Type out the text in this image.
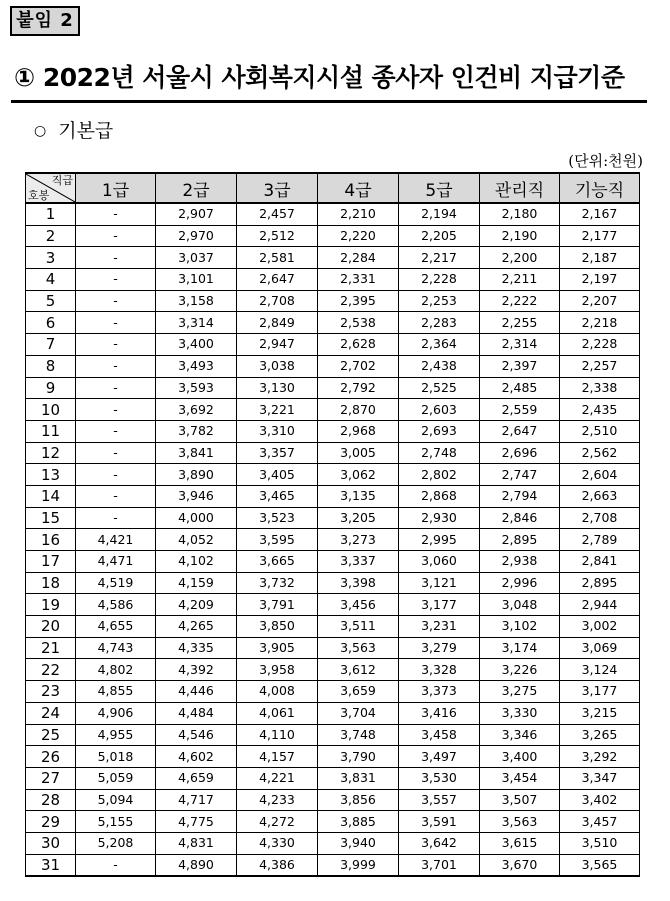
붙임 2
① 2022년 서울시 사회복지시설 종사자 인건비 지급기준
○ 기본급
(단위:천원)
직급
호봉	1급	2급	3급	4급	5급	관리직	기능직
1	-	2,907	2,457	2,210	2,194	2,180	2,167
2	-	2,970	2,512	2,220	2,205	2,190	2,177
3	-	3,037	2,581	2,284	2,217	2,200	2,187
4	-	3,101	2,647	2,331	2,228	2,211	2,197
5	-	3,158	2,708	2,395	2,253	2,222	2,207
6	-	3,314	2,849	2,538	2,283	2,255	2,218
7	-	3,400	2,947	2,628	2,364	2,314	2,228
8	-	3,493	3,038	2,702	2,438	2,397	2,257
9	-	3,593	3,130	2,792	2,525	2,485	2,338
10	-	3,692	3,221	2,870	2,603	2,559	2,435
11	-	3,782	3,310	2,968	2,693	2,647	2,510
12	-	3,841	3,357	3,005	2,748	2,696	2,562
13	-	3,890	3,405	3,062	2,802	2,747	2,604
14	-	3,946	3,465	3,135	2,868	2,794	2,663
15	-	4,000	3,523	3,205	2,930	2,846	2,708
16	4,421	4,052	3,595	3,273	2,995	2,895	2,789
17	4,471	4,102	3,665	3,337	3,060	2,938	2,841
18	4,519	4,159	3,732	3,398	3,121	2,996	2,895
19	4,586	4,209	3,791	3,456	3,177	3,048	2,944
20	4,655	4,265	3,850	3,511	3,231	3,102	3,002
21	4,743	4,335	3,905	3,563	3,279	3,174	3,069
22	4,802	4,392	3,958	3,612	3,328	3,226	3,124
23	4,855	4,446	4,008	3,659	3,373	3,275	3,177
24	4,906	4,484	4,061	3,704	3,416	3,330	3,215
25	4,955	4,546	4,110	3,748	3,458	3,346	3,265
26	5,018	4,602	4,157	3,790	3,497	3,400	3,292
27	5,059	4,659	4,221	3,831	3,530	3,454	3,347
28	5,094	4,717	4,233	3,856	3,557	3,507	3,402
29	5,155	4,775	4,272	3,885	3,591	3,563	3,457
30	5,208	4,831	4,330	3,940	3,642	3,615	3,510
31	-	4,890	4,386	3,999	3,701	3,670	3,565
